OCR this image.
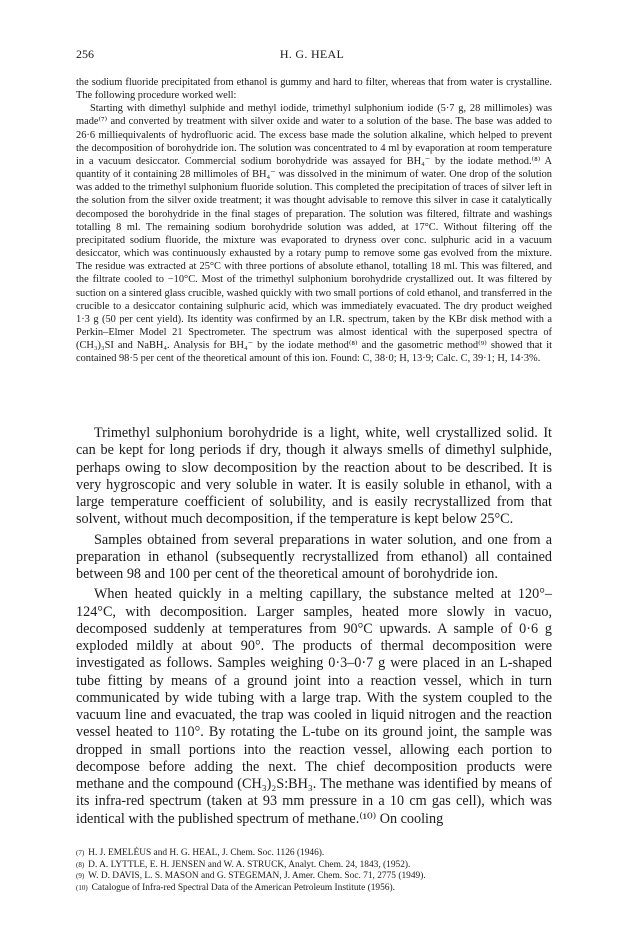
256	H. G. HEAL

the sodium fluoride precipitated from ethanol is gummy and hard to filter, whereas that from water is crystalline. The following procedure worked well:

Starting with dimethyl sulphide and methyl iodide, trimethyl sulphonium iodide (5·7 g, 28 millimoles) was made⁽⁷⁾ and converted by treatment with silver oxide and water to a solution of the base. The base was added to 26·6 milliequivalents of hydrofluoric acid. The excess base made the solution alkaline, which helped to prevent the decomposition of borohydride ion. The solution was concentrated to 4 ml by evaporation at room temperature in a vacuum desiccator. Commercial sodium borohydride was assayed for BH₄⁻ by the iodate method.⁽⁸⁾ A quantity of it containing 28 millimoles of BH₄⁻ was dissolved in the minimum of water. One drop of the solution was added to the trimethyl sulphonium fluoride solution. This completed the precipitation of traces of silver left in the solution from the silver oxide treatment; it was thought advisable to remove this silver in case it catalytically decomposed the borohydride in the final stages of preparation. The solution was filtered, filtrate and washings totalling 8 ml. The remaining sodium borohydride solution was added, at 17°C. Without filtering off the precipitated sodium fluoride, the mixture was evaporated to dryness over conc. sulphuric acid in a vacuum desiccator, which was continuously exhausted by a rotary pump to remove some gas evolved from the mixture. The residue was extracted at 25°C with three portions of absolute ethanol, totalling 18 ml. This was filtered, and the filtrate cooled to −10°C. Most of the trimethyl sulphonium borohydride crystallized out. It was filtered by suction on a sintered glass crucible, washed quickly with two small portions of cold ethanol, and transferred in the crucible to a desiccator containing sulphuric acid, which was immediately evacuated. The dry product weighed 1·3 g (50 per cent yield). Its identity was confirmed by an I.R. spectrum, taken by the KBr disk method with a Perkin–Elmer Model 21 Spectrometer. The spectrum was almost identical with the superposed spectra of (CH₃)₃SI and NaBH₄. Analysis for BH₄⁻ by the iodate method⁽⁸⁾ and the gasometric method⁽⁹⁾ showed that it contained 98·5 per cent of the theoretical amount of this ion. Found: C, 38·0; H, 13·9; Calc. C, 39·1; H, 14·3%.

Trimethyl sulphonium borohydride is a light, white, well crystallized solid. It can be kept for long periods if dry, though it always smells of dimethyl sulphide, perhaps owing to slow decomposition by the reaction about to be described. It is very hygroscopic and very soluble in water. It is easily soluble in ethanol, with a large temperature coefficient of solubility, and is easily recrystallized from that solvent, without much decomposition, if the temperature is kept below 25°C.

Samples obtained from several preparations in water solution, and one from a preparation in ethanol (subsequently recrystallized from ethanol) all contained between 98 and 100 per cent of the theoretical amount of borohydride ion.

When heated quickly in a melting capillary, the substance melted at 120°–124°C, with decomposition. Larger samples, heated more slowly in vacuo, decomposed suddenly at temperatures from 90°C upwards. A sample of 0·6 g exploded mildly at about 90°. The products of thermal decomposition were investigated as follows. Samples weighing 0·3–0·7 g were placed in an L-shaped tube fitting by means of a ground joint into a reaction vessel, which in turn communicated by wide tubing with a large trap. With the system coupled to the vacuum line and evacuated, the trap was cooled in liquid nitrogen and the reaction vessel heated to 110°. By rotating the L-tube on its ground joint, the sample was dropped in small portions into the reaction vessel, allowing each portion to decompose before adding the next. The chief decomposition products were methane and the compound (CH₃)₂S:BH₃. The methane was identified by means of its infra-red spectrum (taken at 93 mm pressure in a 10 cm gas cell), which was identical with the published spectrum of methane.⁽¹⁰⁾ On cooling

(7) H. J. EMELÉUS and H. G. HEAL, J. Chem. Soc. 1126 (1946).
(8) D. A. LYTTLE, E. H. JENSEN and W. A. STRUCK, Analyt. Chem. 24, 1843, (1952).
(9) W. D. DAVIS, L. S. MASON and G. STEGEMAN, J. Amer. Chem. Soc. 71, 2775 (1949).
(10) Catalogue of Infra-red Spectral Data of the American Petroleum Institute (1956).
